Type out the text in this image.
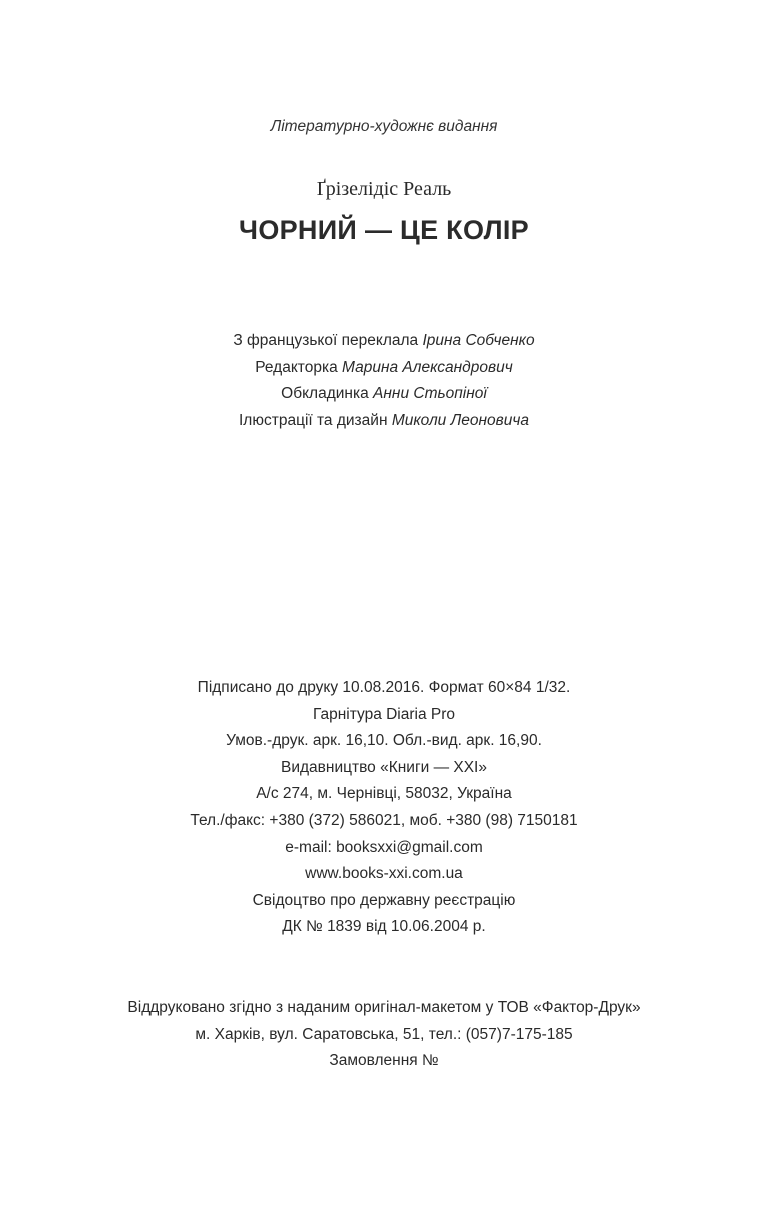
Літературно-художнє видання
Ґрізелідіс Реаль
ЧОРНИЙ — ЦЕ КОЛІР
З французької переклала Ірина Собченко
Редакторка Марина Александрович
Обкладинка Анни Стьопіної
Ілюстрації та дизайн Миколи Леоновича
Підписано до друку 10.08.2016. Формат 60×84 1/32.
Гарнітура Diaria Pro
Умов.-друк. арк. 16,10. Обл.-вид. арк. 16,90.
Видавництво «Книги — XXI»
А/с 274, м. Чернівці, 58032, Україна
Тел./факс: +380 (372) 586021, моб. +380 (98) 7150181
e-mail: booksxxi@gmail.com
www.books-xxi.com.ua
Свідоцтво про державну реєстрацію
ДК № 1839 від 10.06.2004 р.
Віддруковано згідно з наданим оригінал-макетом у ТОВ «Фактор-Друк»
м. Харків, вул. Саратовська, 51, тел.: (057)7-175-185
Замовлення №
